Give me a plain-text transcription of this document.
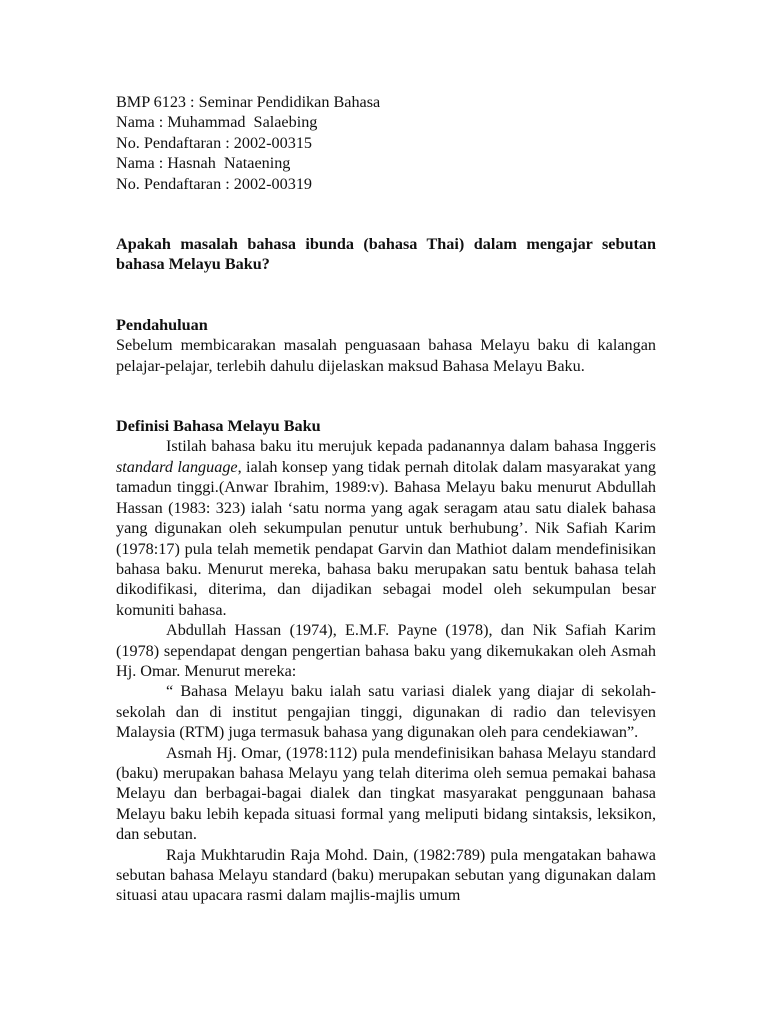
BMP 6123 : Seminar Pendidikan Bahasa
Nama : Muhammad  Salaebing
No. Pendaftaran : 2002-00315
Nama : Hasnah  Nataening
No. Pendaftaran : 2002-00319
Apakah masalah bahasa ibunda (bahasa Thai) dalam mengajar sebutan bahasa Melayu Baku?
Pendahuluan

Sebelum membicarakan masalah penguasaan bahasa Melayu baku di kalangan pelajar-pelajar, terlebih dahulu dijelaskan maksud Bahasa Melayu Baku.

Definisi Bahasa Melayu Baku

Istilah bahasa baku itu merujuk kepada padanannya dalam bahasa Inggeris standard language, ialah konsep yang tidak pernah ditolak dalam masyarakat yang tamadun tinggi.(Anwar Ibrahim, 1989:v). Bahasa Melayu baku menurut Abdullah Hassan (1983: 323) ialah ‘satu norma yang agak seragam atau satu dialek bahasa yang digunakan oleh sekumpulan penutur untuk berhubung’. Nik Safiah Karim (1978:17) pula telah memetik pendapat Garvin dan Mathiot dalam mendefinisikan bahasa baku. Menurut mereka, bahasa baku merupakan satu bentuk bahasa telah dikodifikasi, diterima, dan dijadikan sebagai model oleh sekumpulan besar komuniti bahasa.

Abdullah Hassan (1974), E.M.F. Payne (1978), dan Nik Safiah Karim (1978) sependapat dengan pengertian bahasa baku yang dikemukakan oleh Asmah Hj. Omar. Menurut mereka:

“ Bahasa Melayu baku ialah satu variasi dialek yang diajar di sekolah-sekolah dan di institut pengajian tinggi, digunakan di radio dan televisyen Malaysia (RTM) juga termasuk bahasa yang digunakan oleh para cendekiawan”.

Asmah Hj. Omar, (1978:112) pula mendefinisikan bahasa Melayu standard (baku) merupakan bahasa Melayu yang telah diterima oleh semua pemakai bahasa Melayu dan berbagai-bagai dialek dan tingkat masyarakat penggunaan bahasa Melayu baku lebih kepada situasi formal yang meliputi bidang sintaksis, leksikon, dan sebutan.

Raja Mukhtarudin Raja Mohd. Dain, (1982:789) pula mengatakan bahawa sebutan bahasa Melayu standard (baku) merupakan sebutan yang digunakan dalam situasi atau upacara rasmi dalam majlis-majlis umum
